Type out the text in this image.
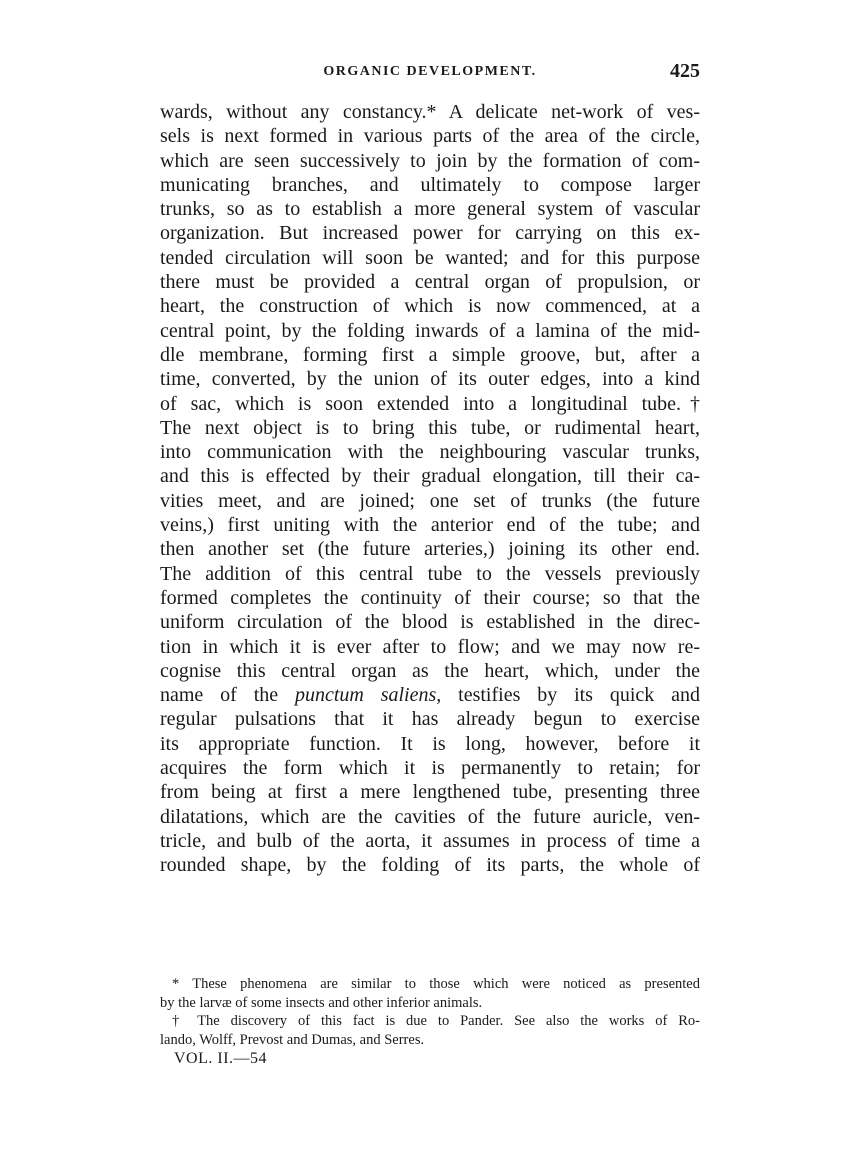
ORGANIC DEVELOPMENT.	425
wards, without any constancy.* A delicate net-work of ves-
sels is next formed in various parts of the area of the circle,
which are seen successively to join by the formation of com-
municating branches, and ultimately to compose larger
trunks, so as to establish a more general system of vascular
organization. But increased power for carrying on this ex-
tended circulation will soon be wanted; and for this purpose
there must be provided a central organ of propulsion, or
heart, the construction of which is now commenced, at a
central point, by the folding inwards of a lamina of the mid-
dle membrane, forming first a simple groove, but, after a
time, converted, by the union of its outer edges, into a kind
of sac, which is soon extended into a longitudinal tube.†
The next object is to bring this tube, or rudimental heart,
into communication with the neighbouring vascular trunks,
and this is effected by their gradual elongation, till their ca-
vities meet, and are joined; one set of trunks (the future
veins,) first uniting with the anterior end of the tube; and
then another set (the future arteries,) joining its other end.
The addition of this central tube to the vessels previously
formed completes the continuity of their course; so that the
uniform circulation of the blood is established in the direc-
tion in which it is ever after to flow; and we may now re-
cognise this central organ as the heart, which, under the
name of the punctum saliens, testifies by its quick and
regular pulsations that it has already begun to exercise
its appropriate function. It is long, however, before it
acquires the form which it is permanently to retain; for
from being at first a mere lengthened tube, presenting three
dilatations, which are the cavities of the future auricle, ven-
tricle, and bulb of the aorta, it assumes in process of time a
rounded shape, by the folding of its parts, the whole of
* These phenomena are similar to those which were noticed as presented
by the larvæ of some insects and other inferior animals.
† The discovery of this fact is due to Pander. See also the works of Ro-
lando, Wolff, Prevost and Dumas, and Serres.
VOL. II.—54
